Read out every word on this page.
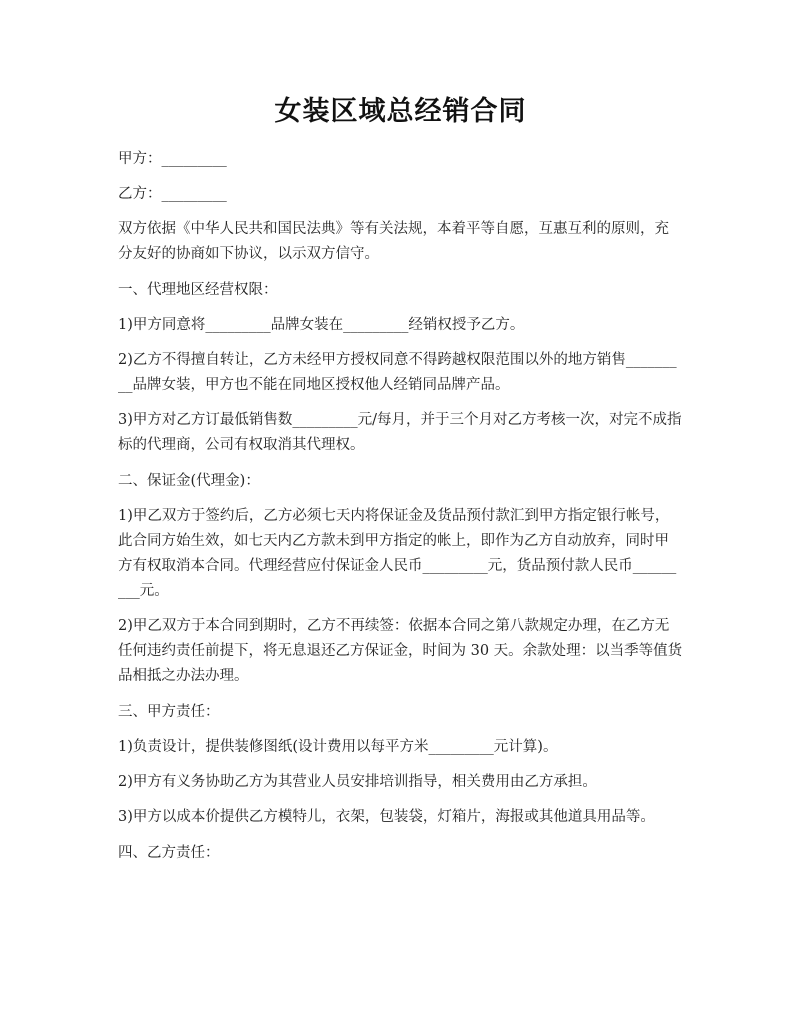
女装区域总经销合同

甲方：_________

乙方：_________

双方依据《中华人民共和国民法典》等有关法规，本着平等自愿，互惠互利的原则，充分友好的协商如下协议，以示双方信守。

一、代理地区经营权限：

1)甲方同意将_________品牌女装在_________经销权授予乙方。

2)乙方不得擅自转让，乙方未经甲方授权同意不得跨越权限范围以外的地方销售_________品牌女装，甲方也不能在同地区授权他人经销同品牌产品。

3)甲方对乙方订最低销售数_________元/每月，并于三个月对乙方考核一次，对完不成指标的代理商，公司有权取消其代理权。

二、保证金(代理金)：

1)甲乙双方于签约后，乙方必须七天内将保证金及货品预付款汇到甲方指定银行帐号，此合同方始生效，如七天内乙方款未到甲方指定的帐上，即作为乙方自动放弃，同时甲方有权取消本合同。代理经营应付保证金人民币_________元，货品预付款人民币_________元。

2)甲乙双方于本合同到期时，乙方不再续签：依据本合同之第八款规定办理，在乙方无任何违约责任前提下，将无息退还乙方保证金，时间为 30 天。余款处理：以当季等值货品相抵之办法办理。

三、甲方责任：

1)负责设计，提供装修图纸(设计费用以每平方米_________元计算)。

2)甲方有义务协助乙方为其营业人员安排培训指导，相关费用由乙方承担。

3)甲方以成本价提供乙方模特儿，衣架，包装袋，灯箱片，海报或其他道具用品等。

四、乙方责任：
